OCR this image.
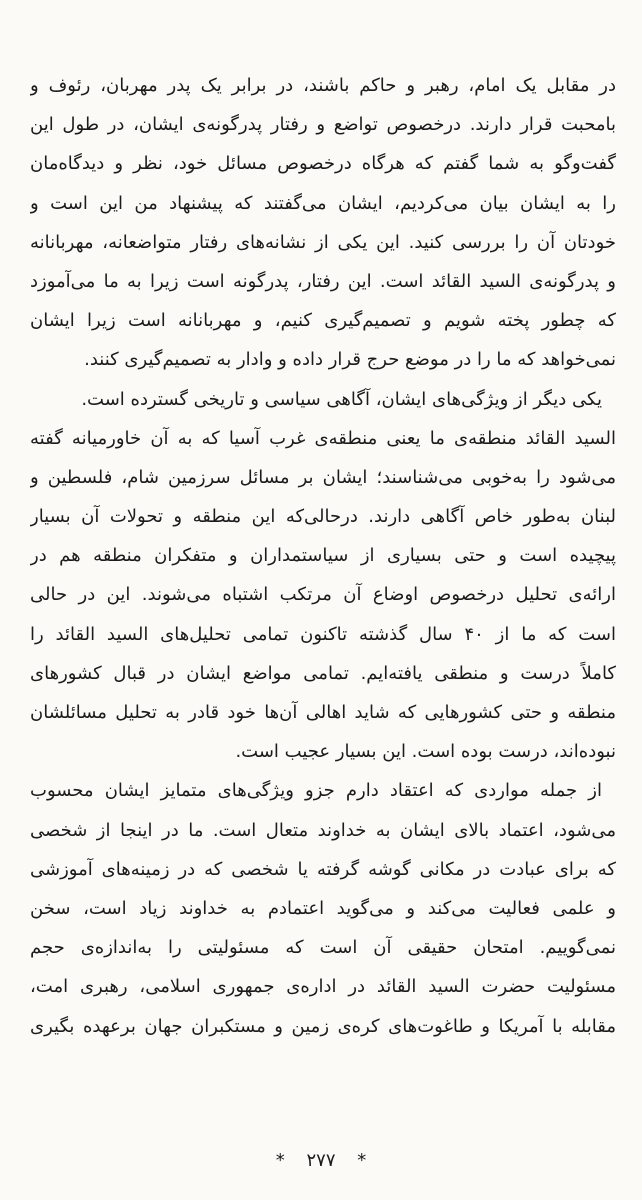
در مقابل یک امام، رهبر و حاکم باشند، در برابر یک پدر مهربان، رئوف و
بامحبت قرار دارند. درخصوص تواضع و رفتار پدرگونه‌ی ایشان، در طول این
گفت‌وگو به شما گفتم که هرگاه درخصوص مسائل خود، نظر و دیدگاه‌مان
را به ایشان بیان می‌کردیم، ایشان می‌گفتند که پیشنهاد من این است و
خودتان آن را بررسی کنید. این یکی از نشانه‌های رفتار متواضعانه، مهربانانه
و پدرگونه‌ی السید القائد است. این رفتار، پدرگونه است زیرا به ما می‌آموزد
که چطور پخته شویم و تصمیم‌گیری کنیم، و مهربانانه است زیرا ایشان
نمی‌خواهد که ما را در موضع حرج قرار داده و وادار به تصمیم‌گیری کنند.
یکی دیگر از ویژگی‌های ایشان، آگاهی سیاسی و تاریخی گسترده است.
السید القائد منطقه‌ی ما یعنی منطقه‌ی غرب آسیا که به آن خاورمیانه گفته
می‌شود را به‌خوبی می‌شناسند؛ ایشان بر مسائل سرزمین شام، فلسطین و
لبنان به‌طور خاص آگاهی دارند. درحالی‌که این منطقه و تحولات آن بسیار
پیچیده است و حتی بسیاری از سیاستمداران و متفکران منطقه هم در
ارائه‌ی تحلیل درخصوص اوضاع آن مرتکب اشتباه می‌شوند. این در حالی
است که ما از ۴۰ سال گذشته تاکنون تمامی تحلیل‌های السید القائد را
کاملاً درست و منطقی یافته‌ایم. تمامی مواضع ایشان در قبال کشورهای
منطقه و حتی کشورهایی که شاید اهالی آن‌ها خود قادر به تحلیل مسائلشان
نبوده‌اند، درست بوده است. این بسیار عجیب است.
از جمله مواردی که اعتقاد دارم جزو ویژگی‌های متمایز ایشان محسوب
می‌شود، اعتماد بالای ایشان به خداوند متعال است. ما در اینجا از شخصی
که برای عبادت در مکانی گوشه گرفته یا شخصی که در زمینه‌های آموزشی
و علمی فعالیت می‌کند و می‌گوید اعتمادم به خداوند زیاد است، سخن
نمی‌گوییم. امتحان حقیقی آن است که مسئولیتی را به‌اندازه‌ی حجم
مسئولیت حضرت السید القائد در اداره‌ی جمهوری اسلامی، رهبری امت،
مقابله با آمریکا و طاغوت‌های کره‌ی زمین و مستکبران جهان برعهده بگیری
* ۲۷۷ *
